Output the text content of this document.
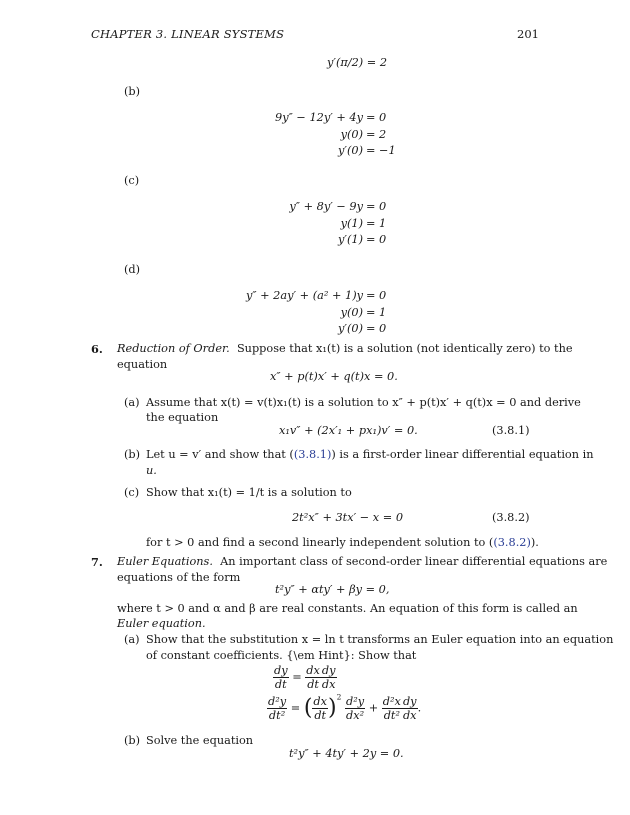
CHAPTER 3. LINEAR SYSTEMS	201
y′(π/2) = 2
(b)
9y″ − 12y′ + 4y = 0
y(0) = 2
y′(0) = −1
(c)
y″ + 8y′ − 9y = 0
y(1) = 1
y′(1) = 0
(d)
y″ + 2ay′ + (a² + 1)y = 0
y(0) = 1
y′(0) = 0
6. Reduction of Order. Suppose that x₁(t) is a solution (not identically zero) to the
equation
x″ + p(t)x′ + q(t)x = 0.
(a) Assume that x(t) = v(t)x₁(t) is a solution to x″ + p(t)x′ + q(t)x = 0 and derive
the equation
x₁v″ + (2x′₁ + px₁)v′ = 0.	(3.8.1)
(b) Let u = v′ and show that ((3.8.1)) is a first-order linear differential equation in
u.
(c) Show that x₁(t) = 1/t is a solution to
2t²x″ + 3tx′ − x = 0	(3.8.2)
for t > 0 and find a second linearly independent solution to ((3.8.2)).
7. Euler Equations. An important class of second-order linear differential equations are
equations of the form
t²y″ + αty′ + βy = 0,
where t > 0 and α and β are real constants. An equation of this form is called an
Euler equation.
(a) Show that the substitution x = ln t transforms an Euler equation into an equation
of constant coefficients. {\em Hint}: Show that
$\frac{dy}{dt} = \frac{dx}{dt} \frac{dy}{dx}$
$\frac{\text{d²y}}{\text{dt²}}$ = ( $\frac{dx}{dt} )^2 \frac{\text{d²y}}{\text{dx²}} + \frac{\text{d²x}}{\text{dt²}} \frac{dy}{dx}$ .
(b) Solve the equation
t²y″ + 4ty′ + 2y = 0.
